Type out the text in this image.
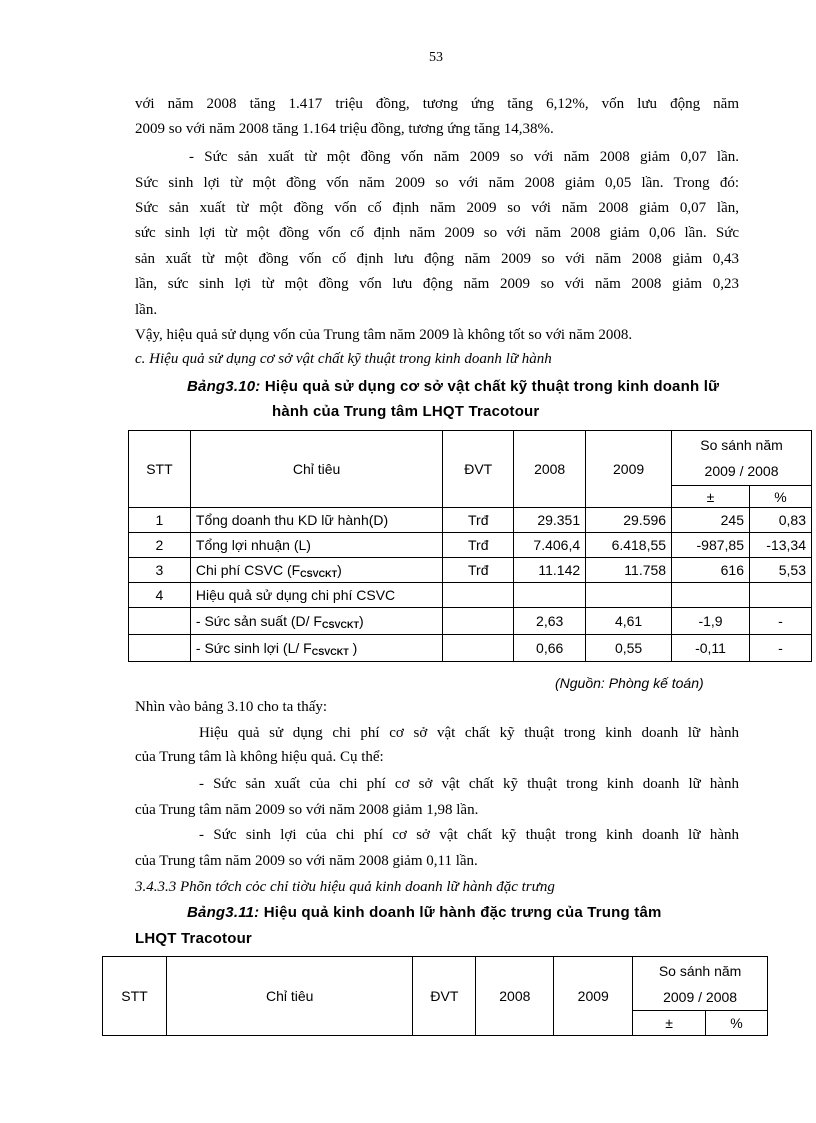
53

với năm 2008 tăng 1.417 triệu đồng, tương ứng tăng 6,12%, vốn lưu động năm

2009 so với năm 2008 tăng 1.164 triệu đồng, tương ứng tăng 14,38%.

- Sức sản xuất từ một đồng vốn năm 2009 so với năm 2008 giảm 0,07 lần.

Sức sinh lợi từ một đồng vốn năm 2009 so với năm 2008 giảm 0,05 lần. Trong đó:

Sức sản xuất từ một đồng vốn cố định năm 2009 so với năm 2008 giảm 0,07 lần,

sức sinh lợi từ một đồng vốn cố định năm 2009 so với năm 2008 giảm 0,06 lần. Sức

sản xuất từ một đồng vốn cố định lưu động năm 2009 so với năm 2008 giảm 0,43

lần, sức sinh lợi từ một đồng vốn lưu động năm 2009 so với năm 2008 giảm 0,23

lần.

Vậy, hiệu quả sử dụng vốn của Trung tâm năm 2009 là không tốt so với năm 2008.

c. Hiệu quả sử dụng cơ sở vật chất kỹ thuật trong kinh doanh lữ hành

Bảng3.10: Hiệu quả sử dụng cơ sở vật chất kỹ thuật trong kinh doanh lữ
hành của Trung tâm LHQT Tracotour
STT	Chỉ tiêu	ĐVT	2008	2009	So sánh năm
2009 / 2008	
					±	%
1	Tổng doanh thu KD lữ hành(D)	Trđ	29.351	29.596	245	0,83
2	Tổng lợi nhuận (L)	Trđ	7.406,4	6.418,55	-987,85	-13,34
3	Chi phí CSVC $(F_{CSVCKT})$	Trđ	11.142	11.758	616	5,53
4	Hiệu quả sử dụng chi phí CSVC					
	- Sức sản suất (D/ $F_{CSVCKT}$)		2,63	4,61	-1,9	-
	- Sức sinh lợi (L/ $F_{CSVCKT}$ )		0,66	0,55	-0,11	-

(Nguồn: Phòng kế toán)

Nhìn vào bảng 3.10 cho ta thấy:

Hiệu quả sử dụng chi phí cơ sở vật chất kỹ thuật trong kinh doanh lữ hành

của Trung tâm là không hiệu quả. Cụ thể:

- Sức sản xuất của chi phí cơ sở vật chất kỹ thuật trong kinh doanh lữ hành

của Trung tâm năm 2009 so với năm 2008 giảm 1,98 lần.

- Sức sinh lợi của chi phí cơ sở vật chất kỹ thuật trong kinh doanh lữ hành

của Trung tâm năm 2009 so với năm 2008 giảm 0,11 lần.

3.4.3.3 Phõn tớch cỏc chỉ tiờu hiệu quả kinh doanh lữ hành đặc trưng

Bảng3.11: Hiệu quả kinh doanh lữ hành đặc trưng của Trung tâm
LHQT Tracotour
STT	Chỉ tiêu	ĐVT	2008	2009	So sánh năm
2009 / 2008	
					±	%
